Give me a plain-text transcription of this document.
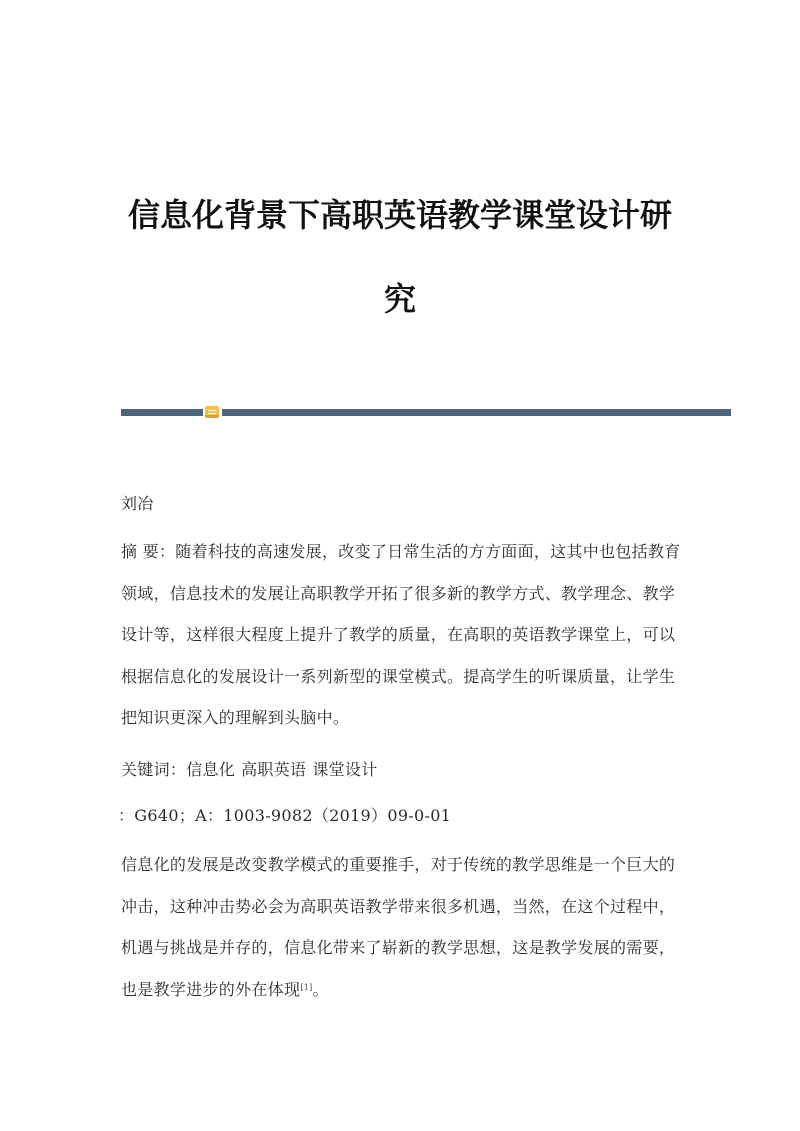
信息化背景下高职英语教学课堂设计研
究
刘冶
摘 要：随着科技的高速发展，改变了日常生活的方方面面，这其中也包括教育
领域，信息技术的发展让高职教学开拓了很多新的教学方式、教学理念、教学
设计等，这样很大程度上提升了教学的质量，在高职的英语教学课堂上，可以
根据信息化的发展设计一系列新型的课堂模式。提高学生的听课质量，让学生
把知识更深入的理解到头脑中。
关键词：信息化 高职英语 课堂设计
：G640；A：1003-9082（2019）09-0-01
信息化的发展是改变教学模式的重要推手，对于传统的教学思维是一个巨大的
冲击，这种冲击势必会为高职英语教学带来很多机遇，当然，在这个过程中，
机遇与挑战是并存的，信息化带来了崭新的教学思想，这是教学发展的需要，
也是教学进步的外在体现[1]。
